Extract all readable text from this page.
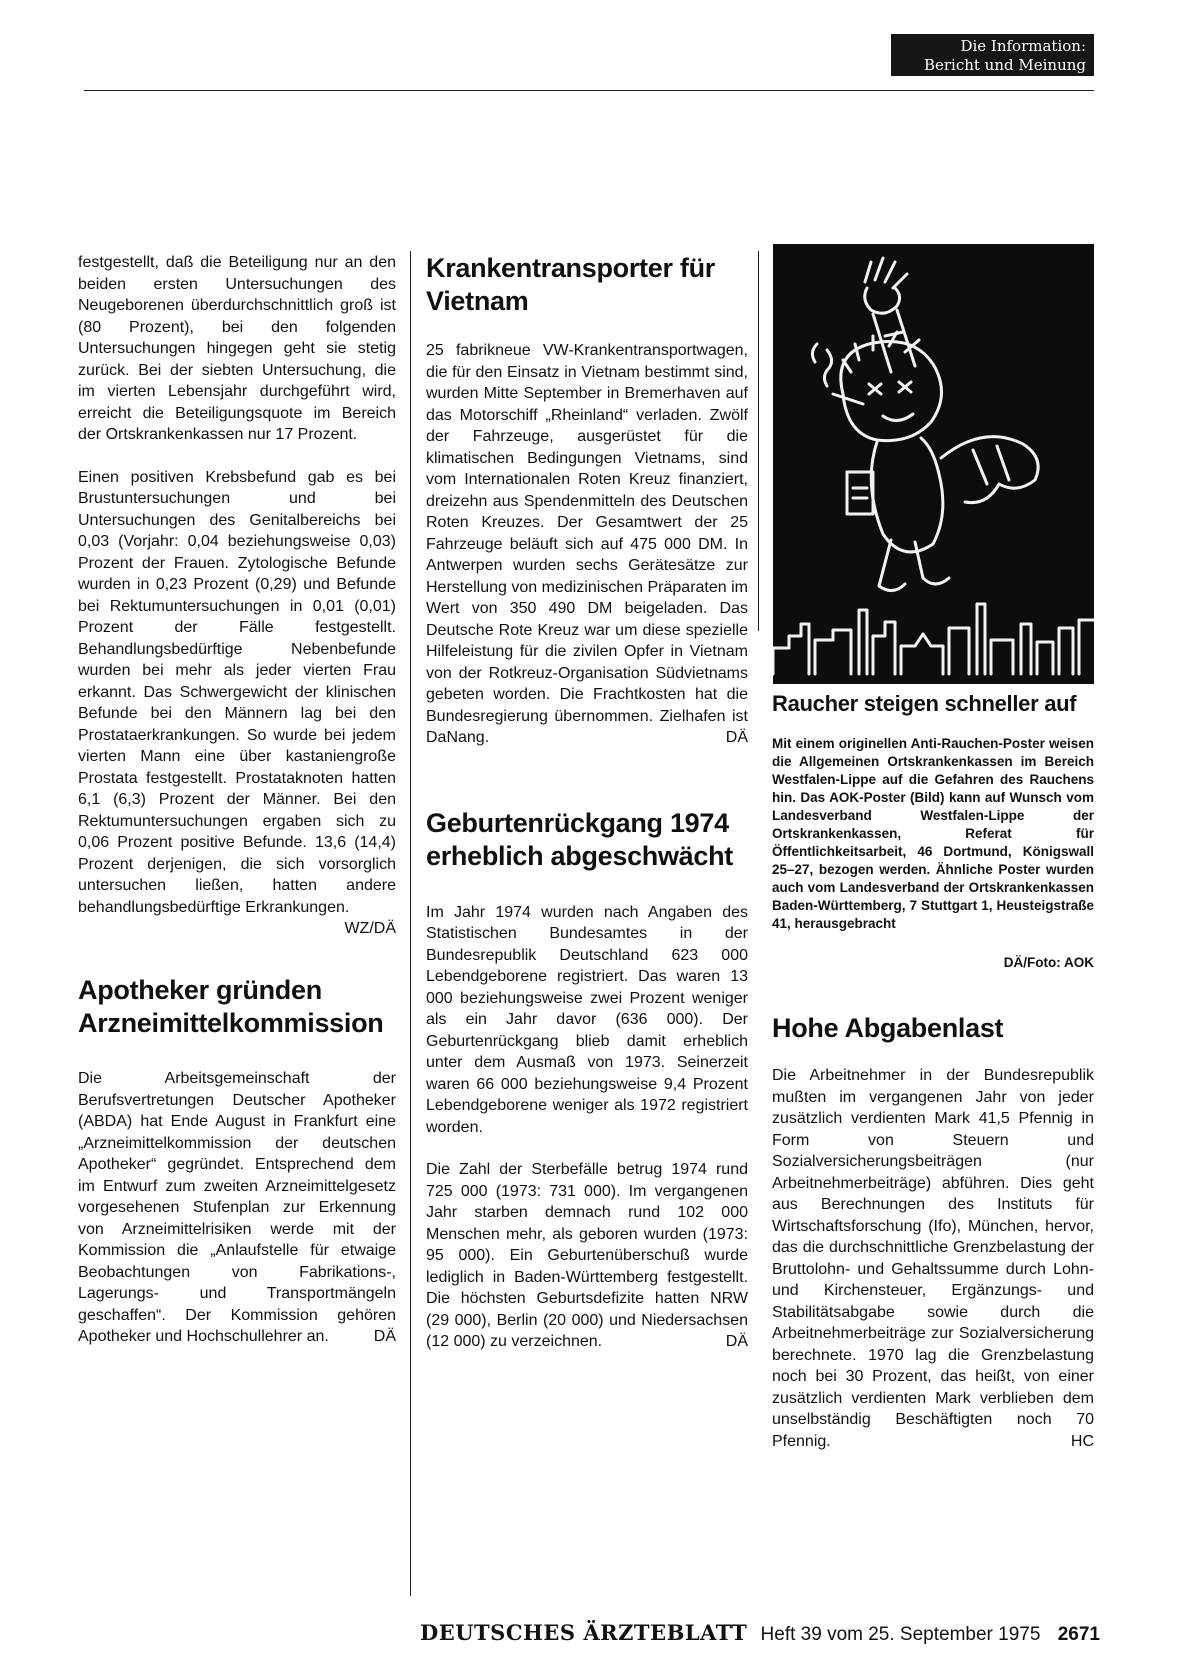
Die Information:
Bericht und Meinung

festgestellt, daß die Beteiligung nur an den beiden ersten Untersuchungen des Neugeborenen überdurchschnittlich groß ist (80 Prozent), bei den folgenden Untersuchungen hingegen geht sie stetig zurück. Bei der siebten Untersuchung, die im vierten Lebensjahr durchgeführt wird, erreicht die Beteiligungsquote im Bereich der Ortskrankenkassen nur 17 Prozent.

Einen positiven Krebsbefund gab es bei Brustuntersuchungen und bei Untersuchungen des Genitalbereichs bei 0,03 (Vorjahr: 0,04 beziehungsweise 0,03) Prozent der Frauen. Zytologische Befunde wurden in 0,23 Prozent (0,29) und Befunde bei Rektumuntersuchungen in 0,01 (0,01) Prozent der Fälle festgestellt. Behandlungsbedürftige Nebenbefunde wurden bei mehr als jeder vierten Frau erkannt. Das Schwergewicht der klinischen Befunde bei den Männern lag bei den Prostataerkrankungen. So wurde bei jedem vierten Mann eine über kastaniengroße Prostata festgestellt. Prostataknoten hatten 6,1 (6,3) Prozent der Männer. Bei den Rektumuntersuchungen ergaben sich zu 0,06 Prozent positive Befunde. 13,6 (14,4) Prozent derjenigen, die sich vorsorglich untersuchen ließen, hatten andere behandlungsbedürftige Erkrankungen.
WZ/DÄ

Apotheker gründen Arzneimittelkommission

Die Arbeitsgemeinschaft der Berufsvertretungen Deutscher Apotheker (ABDA) hat Ende August in Frankfurt eine „Arzneimittelkommission der deutschen Apotheker“ gegründet. Entsprechend dem im Entwurf zum zweiten Arzneimittelgesetz vorgesehenen Stufenplan zur Erkennung von Arzneimittelrisiken werde mit der Kommission die „Anlaufstelle für etwaige Beobachtungen von Fabrikations-, Lagerungs- und Transportmängeln geschaffen“. Der Kommission gehören Apotheker und Hochschullehrer an.	DÄ

Krankentransporter für Vietnam

25 fabrikneue VW-Krankentransportwagen, die für den Einsatz in Vietnam bestimmt sind, wurden Mitte September in Bremerhaven auf das Motorschiff „Rheinland“ verladen. Zwölf der Fahrzeuge, ausgerüstet für die klimatischen Bedingungen Vietnams, sind vom Internationalen Roten Kreuz finanziert, dreizehn aus Spendenmitteln des Deutschen Roten Kreuzes. Der Gesamtwert der 25 Fahrzeuge beläuft sich auf 475 000 DM. In Antwerpen wurden sechs Gerätesätze zur Herstellung von medizinischen Präparaten im Wert von 350 490 DM beigeladen. Das Deutsche Rote Kreuz war um diese spezielle Hilfeleistung für die zivilen Opfer in Vietnam von der Rotkreuz-Organisation Südvietnams gebeten worden. Die Frachtkosten hat die Bundesregierung übernommen. Zielhafen ist DaNang.	DÄ

Geburtenrückgang 1974 erheblich abgeschwächt

Im Jahr 1974 wurden nach Angaben des Statistischen Bundesamtes in der Bundesrepublik Deutschland 623 000 Lebendgeborene registriert. Das waren 13 000 beziehungsweise zwei Prozent weniger als ein Jahr davor (636 000). Der Geburtenrückgang blieb damit erheblich unter dem Ausmaß von 1973. Seinerzeit waren 66 000 beziehungsweise 9,4 Prozent Lebendgeborene weniger als 1972 registriert worden.

Die Zahl der Sterbefälle betrug 1974 rund 725 000 (1973: 731 000). Im vergangenen Jahr starben demnach rund 102 000 Menschen mehr, als geboren wurden (1973: 95 000). Ein Geburtenüberschuß wurde lediglich in Baden-Württemberg festgestellt. Die höchsten Geburtsdefizite hatten NRW (29 000), Berlin (20 000) und Niedersachsen (12 000) zu verzeichnen.	DÄ

Raucher steigen schneller auf

Mit einem originellen Anti-Rauchen-Poster weisen die Allgemeinen Ortskrankenkassen im Bereich Westfalen-Lippe auf die Gefahren des Rauchens hin. Das AOK-Poster (Bild) kann auf Wunsch vom Landesverband Westfalen-Lippe der Ortskrankenkassen, Referat für Öffentlichkeitsarbeit, 46 Dortmund, Königswall 25–27, bezogen werden. Ähnliche Poster wurden auch vom Landesverband der Ortskrankenkassen Baden-Württemberg, 7 Stuttgart 1, Heusteigstraße 41, herausgebracht

DÄ/Foto: AOK

Hohe Abgabenlast

Die Arbeitnehmer in der Bundesrepublik mußten im vergangenen Jahr von jeder zusätzlich verdienten Mark 41,5 Pfennig in Form von Steuern und Sozialversicherungsbeiträgen (nur Arbeitnehmerbeiträge) abführen. Dies geht aus Berechnungen des Instituts für Wirtschaftsforschung (Ifo), München, hervor, das die durchschnittliche Grenzbelastung der Bruttolohn- und Gehaltssumme durch Lohn- und Kirchensteuer, Ergänzungs- und Stabilitätsabgabe sowie durch die Arbeitnehmerbeiträge zur Sozialversicherung berechnete. 1970 lag die Grenzbelastung noch bei 30 Prozent, das heißt, von einer zusätzlich verdienten Mark verblieben dem unselbständig Beschäftigten noch 70 Pfennig.	HC

DEUTSCHES ÄRZTEBLATT Heft 39 vom 25. September 1975 2671
